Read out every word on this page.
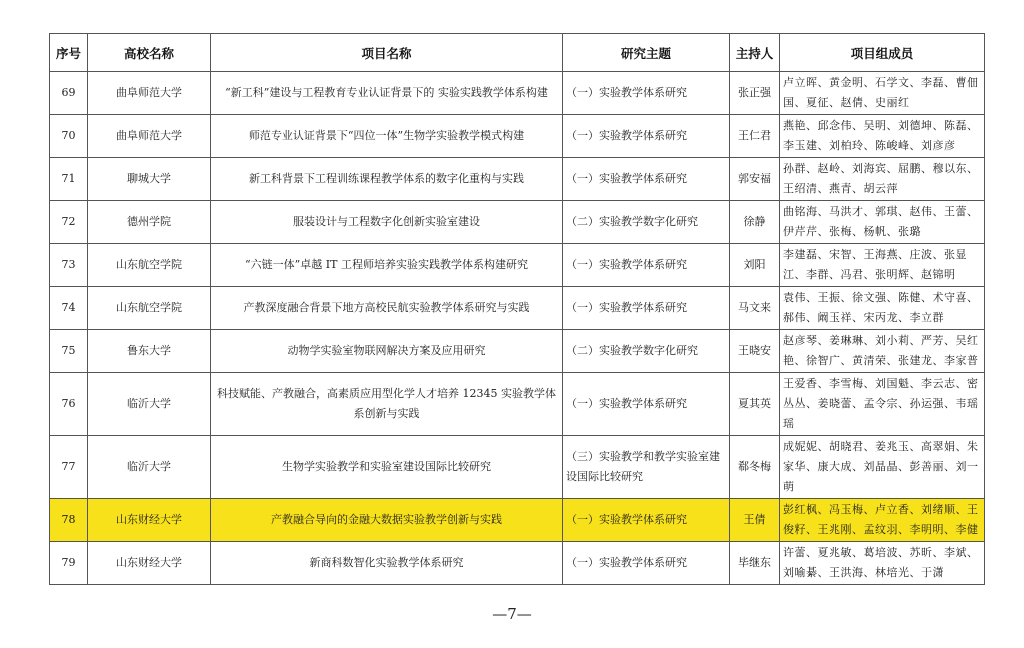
序号	高校名称	项目名称	研究主题	主持人	项目组成员
69	曲阜师范大学	“新工科”建设与工程教育专业认证背景下的 实验实践教学体系构建	（一）实验教学体系研究	张正强	卢立晖、黄金明、石学文、李磊、曹佃国、夏征、赵倩、史丽红
70	曲阜师范大学	师范专业认证背景下“四位一体”生物学实验教学模式构建	（一）实验教学体系研究	王仁君	燕艳、邱念伟、吴明、刘德坤、陈磊、李玉建、刘柏玲、陈峻峰、刘彦彦
71	聊城大学	新工科背景下工程训练课程教学体系的数字化重构与实践	（一）实验教学体系研究	郭安福	孙群、赵岭、刘海宾、屈鹏、穆以东、王绍清、燕青、胡云萍
72	德州学院	服装设计与工程数字化创新实验室建设	（二）实验教学数字化研究	徐静	曲铭海、马洪才、郭琪、赵伟、王蕾、伊芹芹、张梅、杨帆、张璐
73	山东航空学院	“六链一体”卓越 IT 工程师培养实验实践教学体系构建研究	（一）实验教学体系研究	刘阳	李建磊、宋智、王海燕、庄波、张显江、李群、冯君、张明辉、赵锦明
74	山东航空学院	产教深度融合背景下地方高校民航实验教学体系研究与实践	（一）实验教学体系研究	马文来	袁伟、王振、徐文强、陈健、术守喜、郝伟、阚玉祥、宋丙龙、李立群
75	鲁东大学	动物学实验室物联网解决方案及应用研究	（二）实验教学数字化研究	王晓安	赵彦琴、姜琳琳、刘小莉、严芳、吴红艳、徐智广、黄清荣、张建龙、李家普
76	临沂大学	科技赋能、产教融合，高素质应用型化学人才培养 12345 实验教学体系创新与实践	（一）实验教学体系研究	夏其英	王爱香、李雪梅、刘国魁、李云志、密丛丛、姜晓蕾、孟令宗、孙运强、韦瑶瑶
77	临沂大学	生物学实验教学和实验室建设国际比较研究	（三）实验教学和教学实验室建设国际比较研究	郗冬梅	成妮妮、胡晓君、姜兆玉、高翠娟、朱家华、康大成、刘晶晶、彭善丽、刘一萌
78	山东财经大学	产教融合导向的金融大数据实验教学创新与实践	（一）实验教学体系研究	王倩	彭红枫、冯玉梅、卢立香、刘绪顺、王俊籽、王兆刚、孟纹羽、李明明、李健
79	山东财经大学	新商科数智化实验教学体系研究	（一）实验教学体系研究	毕继东	许蕾、夏兆敏、葛培波、苏昕、李斌、刘喻綦、王洪海、林培光、于潇
—7—
